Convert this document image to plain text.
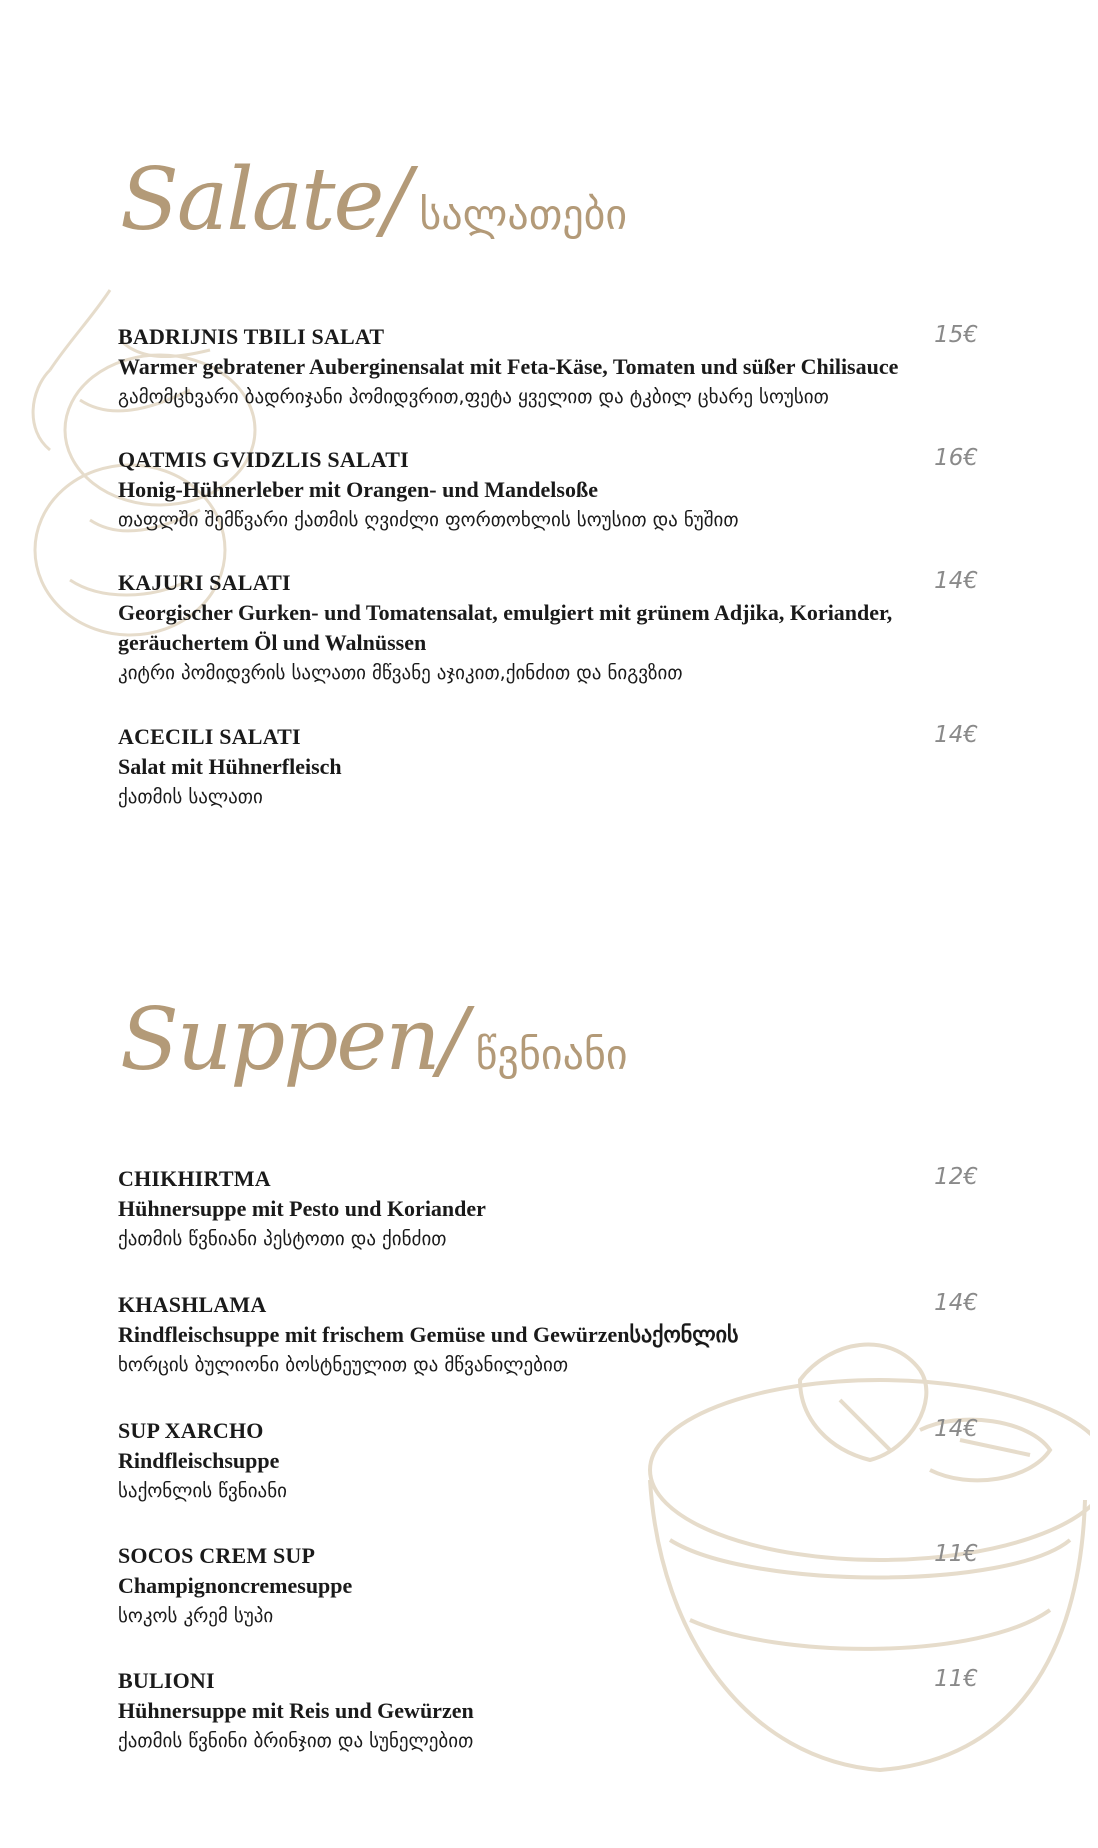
Salate/ სალათები
BADRIJNIS TBILI SALAT
Warmer gebratener Auberginensalat mit Feta-Käse, Tomaten und süßer Chilisauce
გამომცხვარი ბადრიჯანი პომიდვრით,ფეტა ყველით და ტკბილ ცხარე სოუსით
15€
QATMIS GVIDZLIS SALATI
Honig-Hühnerleber mit Orangen- und Mandelsoße
თაფლში შემწვარი ქათმის ღვიძლი ფორთოხლის სოუსით და ნუშით
16€
KAJURI SALATI
Georgischer Gurken- und Tomatensalat, emulgiert mit grünem Adjika, Koriander, geräuchertem Öl und Walnüssen
კიტრი პომიდვრის სალათი მწვანე აჯიკით,ქინძით და ნიგვზით
14€
ACECILI SALATI
Salat mit Hühnerfleisch
ქათმის სალათი
14€
Suppen/ წვნიანი
CHIKHIRTMA
Hühnersuppe mit Pesto und Koriander
ქათმის წვნიანი პესტოთი და ქინძით
12€
KHASHLAMA
Rindfleischsuppe mit frischem Gemüse und Gewürzenსაქონლის
ხორცის ბულიონი ბოსტნეულით და მწვანილებით
14€
SUP XARCHO
Rindfleischsuppe
საქონლის წვნიანი
14€
SOCOS CREM SUP
Champignoncremesuppe
სოკოს კრემ სუპი
11€
BULIONI
Hühnersuppe mit Reis und Gewürzen
ქათმის წვნინი ბრინჯით და სუნელებით
11€
